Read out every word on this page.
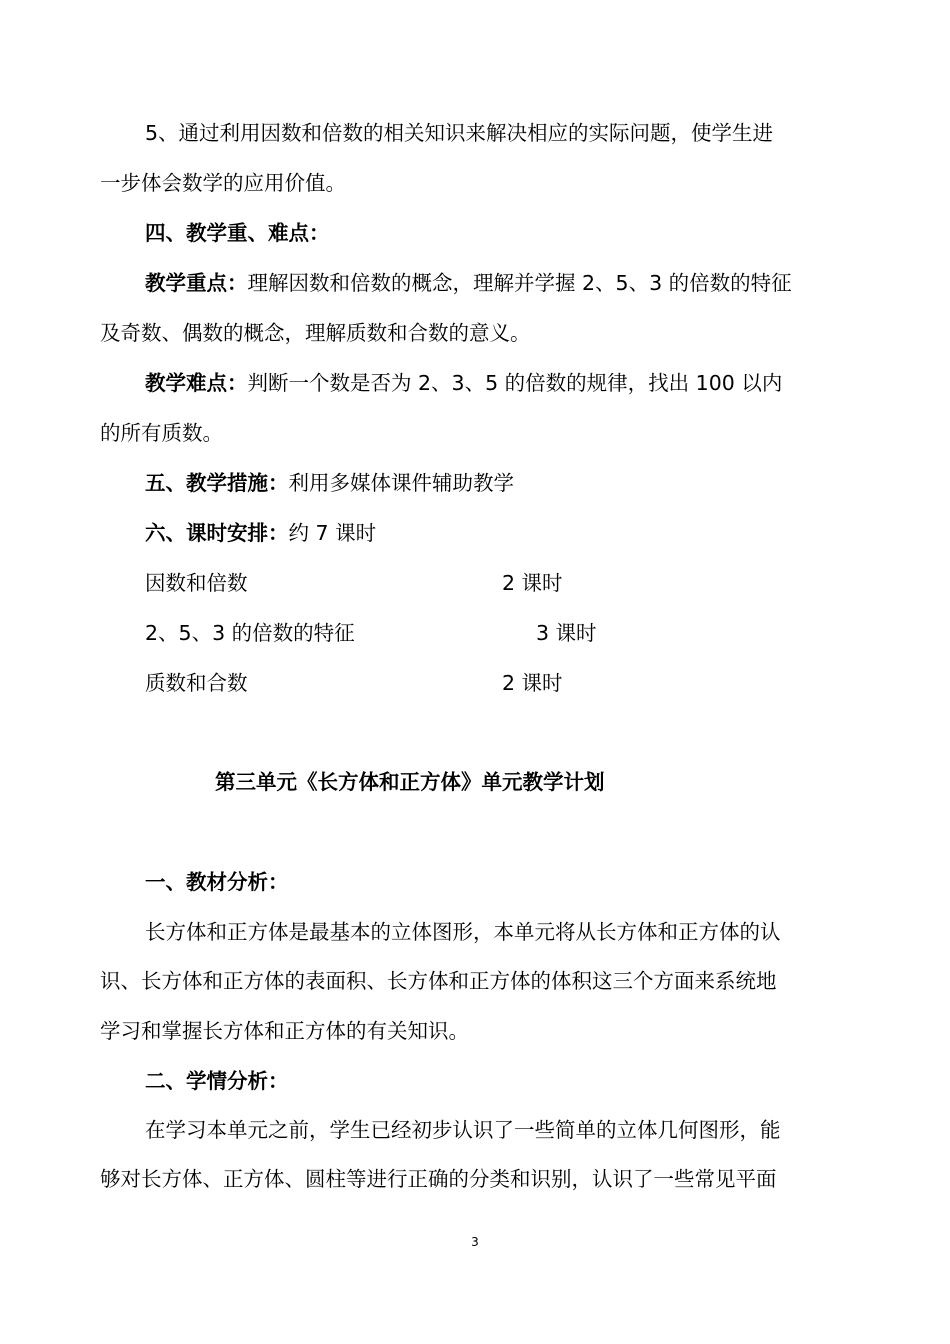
5、通过利用因数和倍数的相关知识来解决相应的实际问题，使学生进
一步体会数学的应用价值。
四、教学重、难点：
教学重点：理解因数和倍数的概念，理解并学握 2、5、3 的倍数的特征
及奇数、偶数的概念，理解质数和合数的意义。
教学难点：判断一个数是否为 2、3、5 的倍数的规律，找出 100 以内
的所有质数。
五、教学措施：利用多媒体课件辅助教学
六、课时安排：约 7 课时
因数和倍数	2 课时
2、5、3 的倍数的特征	3 课时
质数和合数	2 课时
第三单元《长方体和正方体》单元教学计划
一、教材分析：
长方体和正方体是最基本的立体图形，本单元将从长方体和正方体的认
识、长方体和正方体的表面积、长方体和正方体的体积这三个方面来系统地
学习和掌握长方体和正方体的有关知识。
二、学情分析：
在学习本单元之前，学生已经初步认识了一些简单的立体几何图形，能
够对长方体、正方体、圆柱等进行正确的分类和识别，认识了一些常见平面
3
